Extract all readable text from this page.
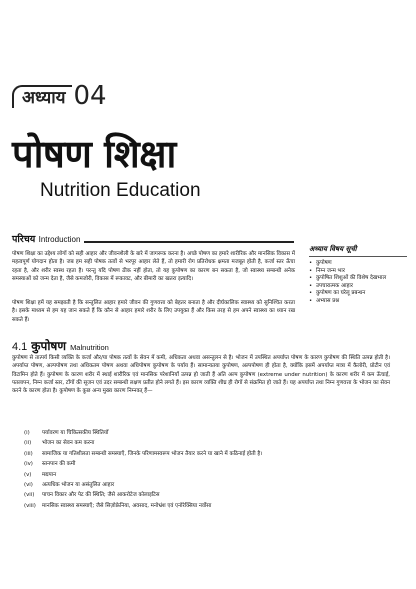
अध्याय 04
पोषण शिक्षा
Nutrition Education
परिचय Introduction
पोषण शिक्षा का उद्देश्य लोगों को सही आहार और जीवनशैली के बारे में जागरूक करना है। अच्छे पोषण का हमारे शारीरिक और मानसिक विकास में महत्वपूर्ण योगदान होता है। जब हम सही पोषक तत्वों से भरपूर आहार लेते हैं, तो हमारी रोग प्रतिरोधक क्षमता मजबूत होती है, कर्जा स्तर ऊँचा रहता है, और शरीर स्वस्थ रहता है। परन्तु यदि पोषण ठीक नहीं होता, तो यह कुपोषण का कारण बन सकता है, जो स्वास्थ्य सम्बन्धी अनेक समस्याओं को जन्म देता है, जैसे कमजोरी, विकास में रूकावट, और बीमारी का खतरा इत्यादि।
पोषण शिक्षा हमें यह समझाती है कि सन्तुलित आहार हमारे जीवन की गुणवत्ता को बेहतर बनाता है और दीर्घकालिक स्वास्थ्य को सुनिश्चित करता है। इसके माध्यम से हम यह जान सकते हैं कि कौन से आहार हमारे शरीर के लिए उपयुक्त हैं और किस तरह से हम अपने स्वास्थ्य का ध्यान रख सकते हैं।
4.1 कुपोषण Malnutrition
कुपोषण से तात्पर्य किसी व्यक्ति के कर्जा और/या पोषक तत्वों के सेवन में कमी, अधिकता अथवा असन्तुलन से है। भोजन में उपस्थित अपर्याप्त पोषण के कारण कुपोषण की स्थिति उत्पन्न होती है। अपर्याप्त पोषण, अल्पपोषण तथा अधिकतम पोषण अथवा अधिपोषण कुपोषण के पर्याय हैं। सामान्यतया कुपोषण, अल्पपोषण ही होता है, क्योंकि इसमें अपर्याप्त मात्रा में कैलोरी, प्रोटीन एवं विटामिन होते हैं। कुपोषण के कारण शरीर में स्थाई शारीरिक एवं मानसिक परेशानियाँ उत्पन्न हो जाती हैं अति अल्प कुपोषण (extreme under nutrition) के कारण शरीर में कम ऊँचाई, पतलापन, निम्न कर्जा स्तर, टाँगों की सूजन एवं उदर सम्बन्धी लक्षण प्रतीत होने लगते हैं। इस कारण व्यक्ति शीघ्र ही रोगों से संक्रमित हो जाते हैं। यह अपर्याप्त तथा निम्न गुणवत्ता के भोजन का सेवन करने के कारण होता है। कुपोषण के कुछ अन्य मुख्य कारण निम्नवत् हैं—
(i)	पर्यावरण या चिकित्सकीय स्थितियाँ
(ii)	भोजन का सेवन कम करना
(iii)	सामाजिक या गतिशीलता सम्बन्धी समस्याएँ, जिनके परिणामस्वरूप भोजन तैयार करने या खाने में कठिनाई होती है।
(iv)	स्तनपान की कमी
(v)	मद्यपान
(vi)	अत्यधिक भोजन या असंतुलित आहार
(vii)	पाचन विकार और पेट की स्थिति; जैसे आकरोटेज कोलाइटिस
(viii)	मानसिक स्वास्थ्य समस्याएँ; जैसे सिज़ोफ्रेनिया, अवसाद, मनोभ्रंश एवं एनोरेक्सिया नर्वोसा
अध्याय विषय सूची
• कुपोषण
• निम्न जन्म भार
• कुपोषित शिशुओं की विशेष देखभाल
• उपचारात्मक आहार
• कुपोषण का घरेलू प्रबन्धन
• अभ्यास प्रश्न
